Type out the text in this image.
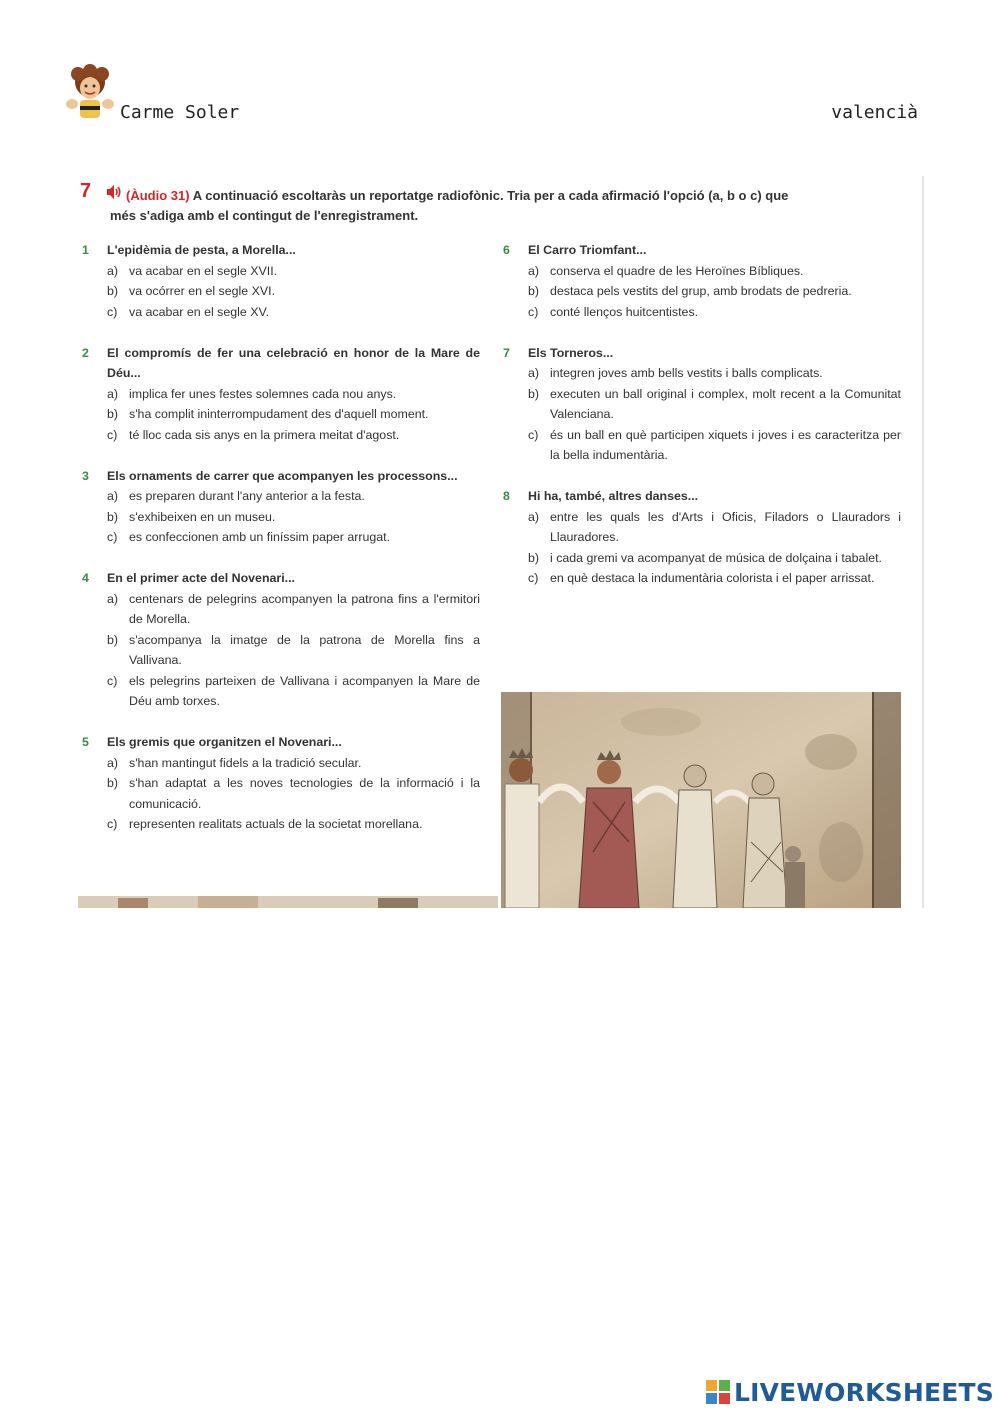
Carme Soler	valencià
7	(Àudio 31) A continuació escoltaràs un reportatge radiofònic. Tria per a cada afirmació l'opció (a, b o c) que
més s'adiga amb el contingut de l'enregistrament.
1 L'epidèmia de pesta, a Morella...
a) va acabar en el segle XVII.
b) va ocórrer en el segle XVI.
c) va acabar en el segle XV.
2 El compromís de fer una celebració en honor de la Mare de Déu...
a) implica fer unes festes solemnes cada nou anys.
b) s'ha complit ininterrompudament des d'aquell moment.
c) té lloc cada sis anys en la primera meitat d'agost.
3 Els ornaments de carrer que acompanyen les processons...
a) es preparen durant l'any anterior a la festa.
b) s'exhibeixen en un museu.
c) es confeccionen amb un finíssim paper arrugat.
4 En el primer acte del Novenari...
a) centenars de pelegrins acompanyen la patrona fins a l'ermitori de Morella.
b) s'acompanya la imatge de la patrona de Morella fins a Vallivana.
c) els pelegrins parteixen de Vallivana i acompanyen la Mare de Déu amb torxes.
5 Els gremis que organitzen el Novenari...
a) s'han mantingut fidels a la tradició secular.
b) s'han adaptat a les noves tecnologies de la informació i la comunicació.
c) representen realitats actuals de la societat morellana.
6 El Carro Triomfant...
a) conserva el quadre de les Heroïnes Bíbliques.
b) destaca pels vestits del grup, amb brodats de pedreria.
c) conté llenços huitcentistes.
7 Els Torneros...
a) integren joves amb bells vestits i balls complicats.
b) executen un ball original i complex, molt recent a la Comunitat Valenciana.
c) és un ball en què participen xiquets i joves i es caracteritza per la bella indumentària.
8 Hi ha, també, altres danses...
a) entre les quals les d'Arts i Oficis, Filadors o Llauradors i Llauradores.
b) i cada gremi va acompanyat de música de dolçaina i tabalet.
c) en què destaca la indumentària colorista i el paper arrissat.
LIVEWORKSHEETS
